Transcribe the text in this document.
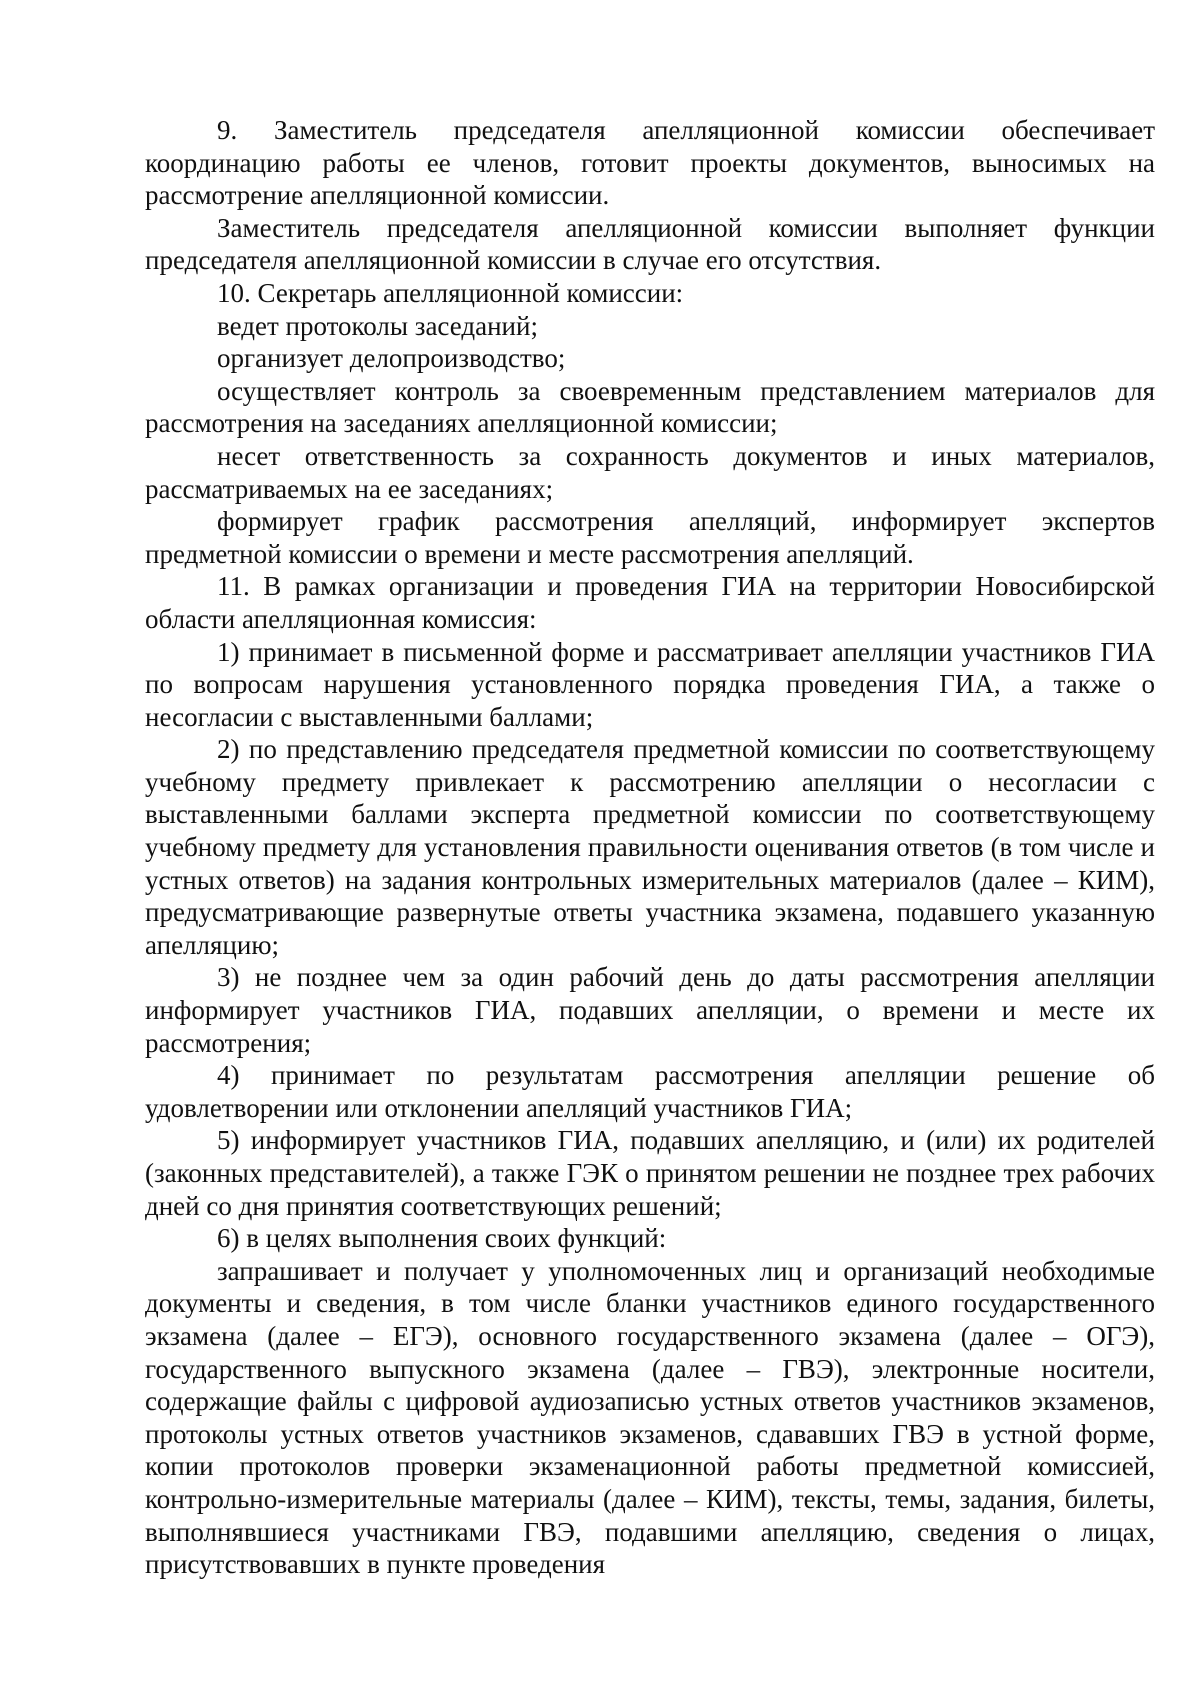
9. Заместитель председателя апелляционной комиссии обеспечивает координацию работы ее членов, готовит проекты документов, выносимых на рассмотрение апелляционной комиссии.

Заместитель председателя апелляционной комиссии выполняет функции председателя апелляционной комиссии в случае его отсутствия.

10. Секретарь апелляционной комиссии:

ведет протоколы заседаний;

организует делопроизводство;

осуществляет контроль за своевременным представлением материалов для рассмотрения на заседаниях апелляционной комиссии;

несет ответственность за сохранность документов и иных материалов, рассматриваемых на ее заседаниях;

формирует график рассмотрения апелляций, информирует экспертов предметной комиссии о времени и месте рассмотрения апелляций.

11. В рамках организации и проведения ГИА на территории Новосибирской области апелляционная комиссия:

1) принимает в письменной форме и рассматривает апелляции участников ГИА по вопросам нарушения установленного порядка проведения ГИА, а также о несогласии с выставленными баллами;

2) по представлению председателя предметной комиссии по соответствующему учебному предмету привлекает к рассмотрению апелляции о несогласии с выставленными баллами эксперта предметной комиссии по соответствующему учебному предмету для установления правильности оценивания ответов (в том числе и устных ответов) на задания контрольных измерительных материалов (далее – КИМ), предусматривающие развернутые ответы участника экзамена, подавшего указанную апелляцию;

3) не позднее чем за один рабочий день до даты рассмотрения апелляции информирует участников ГИА, подавших апелляции, о времени и месте их рассмотрения;

4) принимает по результатам рассмотрения апелляции решение об удовлетворении или отклонении апелляций участников ГИА;

5) информирует участников ГИА, подавших апелляцию, и (или) их родителей (законных представителей), а также ГЭК о принятом решении не позднее трех рабочих дней со дня принятия соответствующих решений;

6) в целях выполнения своих функций:

запрашивает и получает у уполномоченных лиц и организаций необходимые документы и сведения, в том числе бланки участников единого государственного экзамена (далее – ЕГЭ), основного государственного экзамена (далее – ОГЭ), государственного выпускного экзамена (далее – ГВЭ), электронные носители, содержащие файлы с цифровой аудиозаписью устных ответов участников экзаменов, протоколы устных ответов участников экзаменов, сдававших ГВЭ в устной форме, копии протоколов проверки экзаменационной работы предметной комиссией, контрольно-измерительные материалы (далее – КИМ), тексты, темы, задания, билеты, выполнявшиеся участниками ГВЭ, подавшими апелляцию, сведения о лицах, присутствовавших в пункте проведения
